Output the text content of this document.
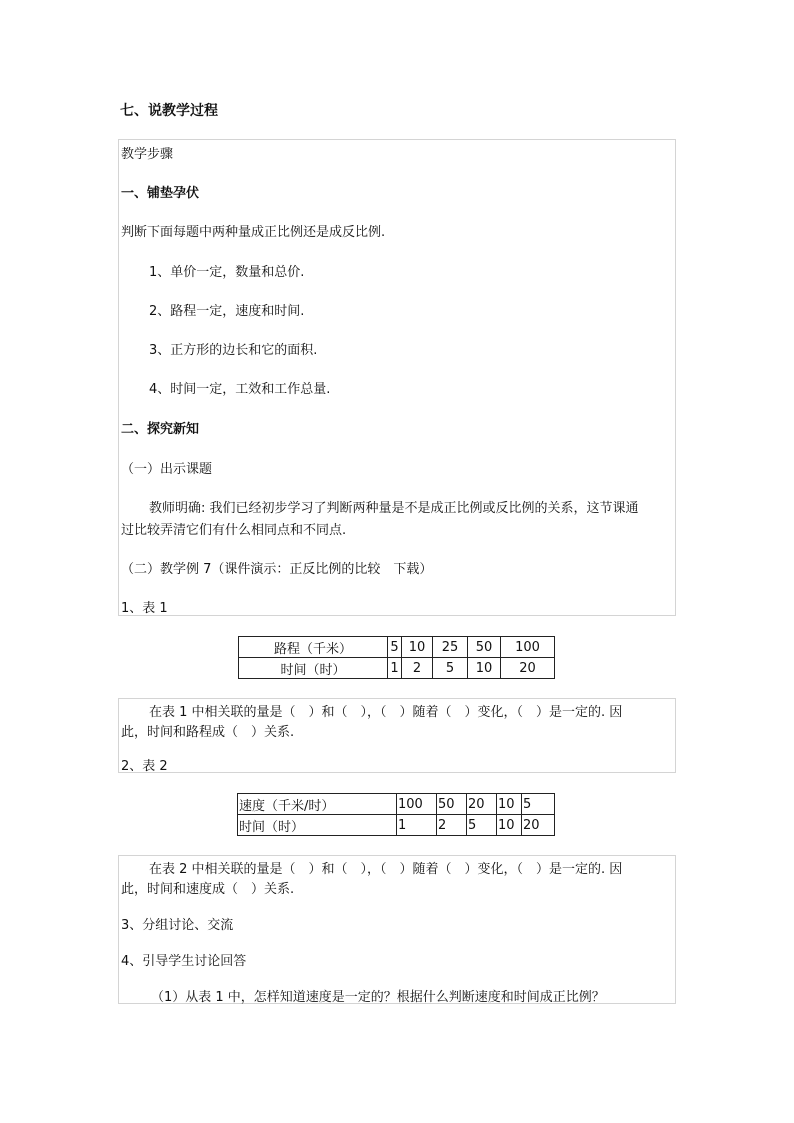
七、说教学过程
教学步骤
一、铺垫孕伏
判断下面每题中两种量成正比例还是成反比例.
1、单价一定，数量和总价.
2、路程一定，速度和时间.
3、正方形的边长和它的面积.
4、时间一定，工效和工作总量.
二、探究新知
（一）出示课题
教师明确: 我们已经初步学习了判断两种量是不是成正比例或反比例的关系，这节课通
过比较弄清它们有什么相同点和不同点.
（二）教学例 7（课件演示：正反比例的比较　下载）
1、表 1
路程（千米）	5	10	25	50	100
时间（时）	1	2	5	10	20
在表 1 中相关联的量是（　）和（　），（　）随着（　）变化，（　）是一定的. 因
此，时间和路程成（　）关系.
2、表 2
速度（千米/时）	100	50	20	10	5
时间（时）	1	2	5	10	20
在表 2 中相关联的量是（　）和（　），（　）随着（　）变化，（　）是一定的. 因
此，时间和速度成（　）关系.
3、分组讨论、交流
4、引导学生讨论回答
（1）从表 1 中，怎样知道速度是一定的？根据什么判断速度和时间成正比例？
